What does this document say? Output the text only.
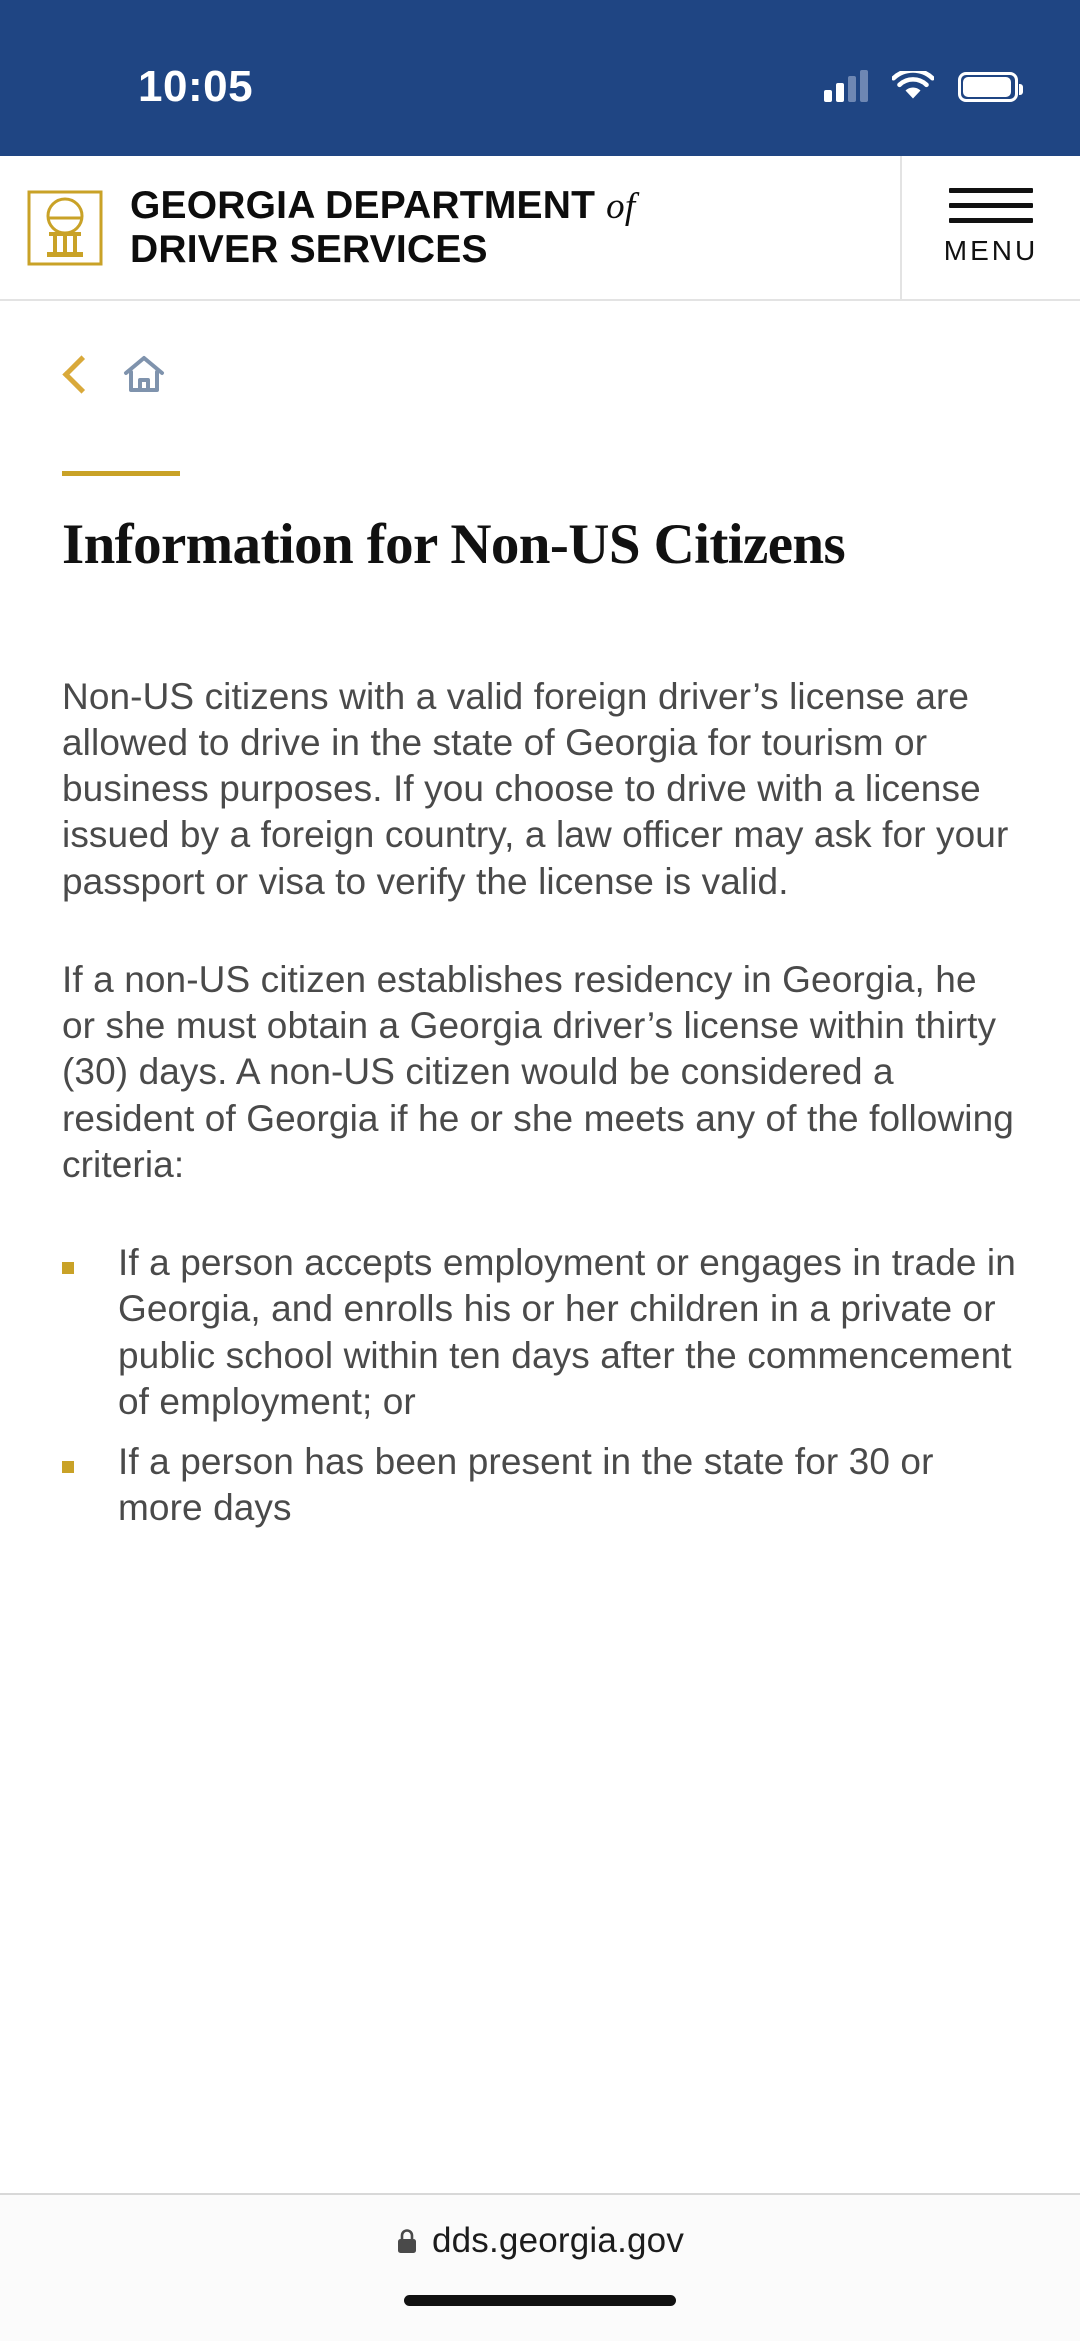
10:05
GEORGIA DEPARTMENT of
DRIVER SERVICES	MENU
Information for Non-US Citizens

Non-US citizens with a valid foreign driver’s license are allowed to drive in the state of Georgia for tourism or business purposes. If you choose to drive with a license issued by a foreign country, a law officer may ask for your passport or visa to verify the license is valid.

If a non-US citizen establishes residency in Georgia, he or she must obtain a Georgia driver’s license within thirty (30) days. A non-US citizen would be considered a resident of Georgia if he or she meets any of the following criteria:

If a person accepts employment or engages in trade in Georgia, and enrolls his or her children in a private or public school within ten days after the commencement of employment; or
If a person has been present in the state for 30 or more days
dds.georgia.gov
